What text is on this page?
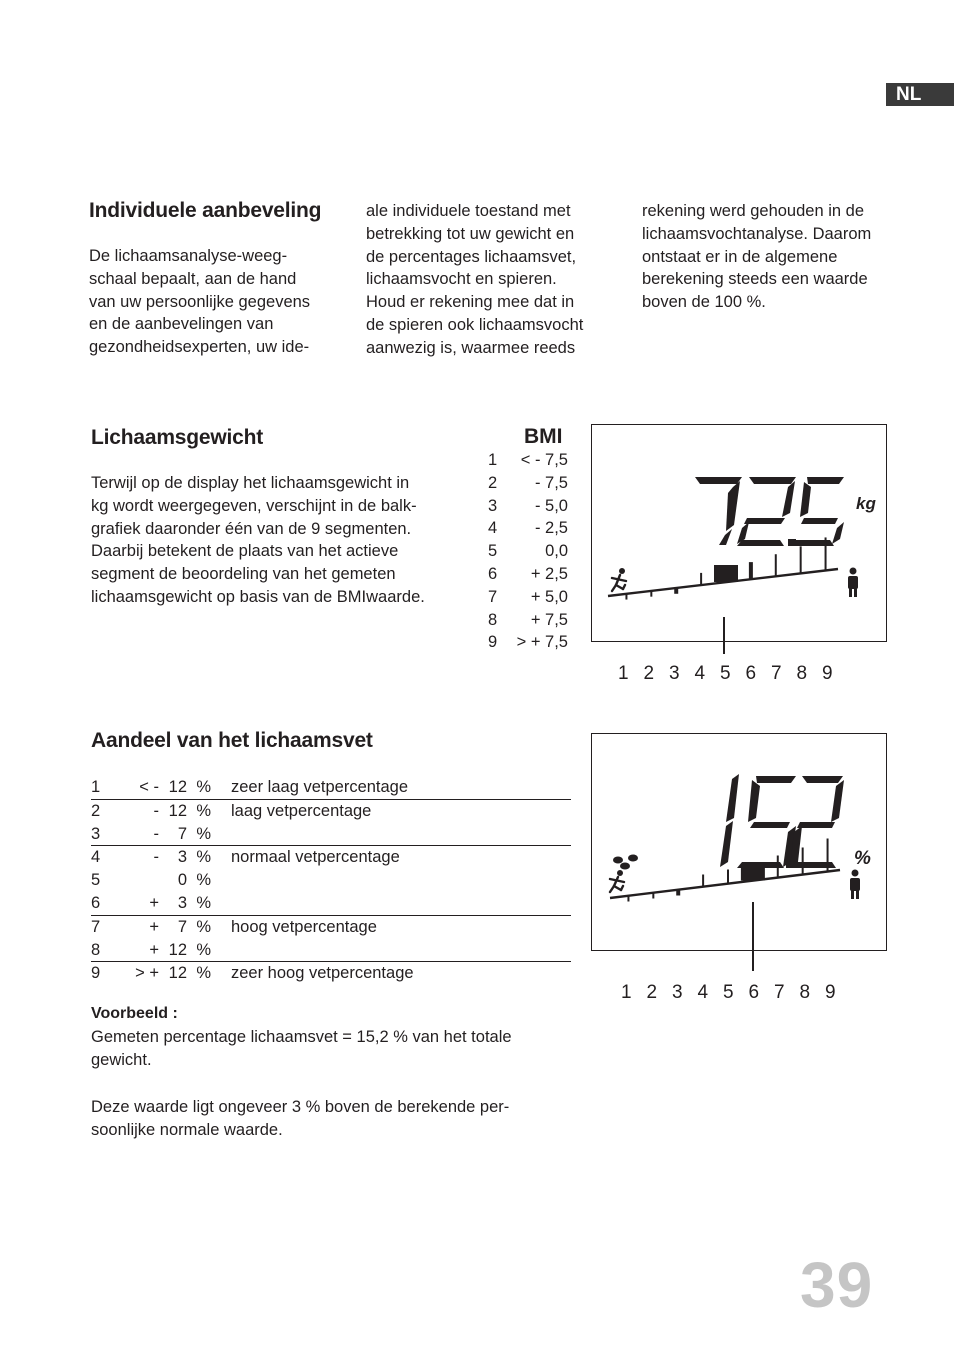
NL
Individuele aanbeveling
De lichaamsanalyse-weeg-
schaal bepaalt, aan de hand
van uw persoonlijke gegevens
en de aanbevelingen van
gezondheidsexperten, uw ide-
ale individuele toestand met
betrekking tot uw gewicht en
de percentages lichaamsvet,
lichaamsvocht en spieren.
Houd er rekening mee dat in
de spieren ook lichaamsvocht
aanwezig is, waarmee reeds
rekening werd gehouden in de
lichaamsvochtanalyse. Daarom
ontstaat er in de algemene
berekening steeds een waarde
boven de 100 %.
Lichaamsgewicht
Terwijl op de display het lichaamsgewicht in
kg wordt weergegeven, verschijnt in de balk-
grafiek daaronder één van de 9 segmenten.
Daarbij betekent de plaats van het actieve
segment de beoordeling van het gemeten
lichaamsgewicht op basis van de BMIwaarde.
BMI
1	< - 7,5
2	- 7,5
3	- 5,0
4	- 2,5
5	0,0
6	+ 2,5
7	+ 5,0
8	+ 7,5
9	> + 7,5
kg
1 2 3 4 5 6 7 8 9
Aandeel van het lichaamsvet
1	< - 12 % zeer laag vetpercentage
2	- 12 % laag vetpercentage
3	-	7 %
4	-	3 % normaal vetpercentage
5	0 %
6	+	3 %
7	+	7 % hoog vetpercentage
8	+ 12 %
9	> + 12 % zeer hoog vetpercentage
Voorbeeld :
Gemeten percentage lichaamsvet = 15,2 % van het totale
gewicht.
Deze waarde ligt ongeveer 3 % boven de berekende per-
soonlijke normale waarde.
%
1 2 3 4 5 6 7 8 9
39
